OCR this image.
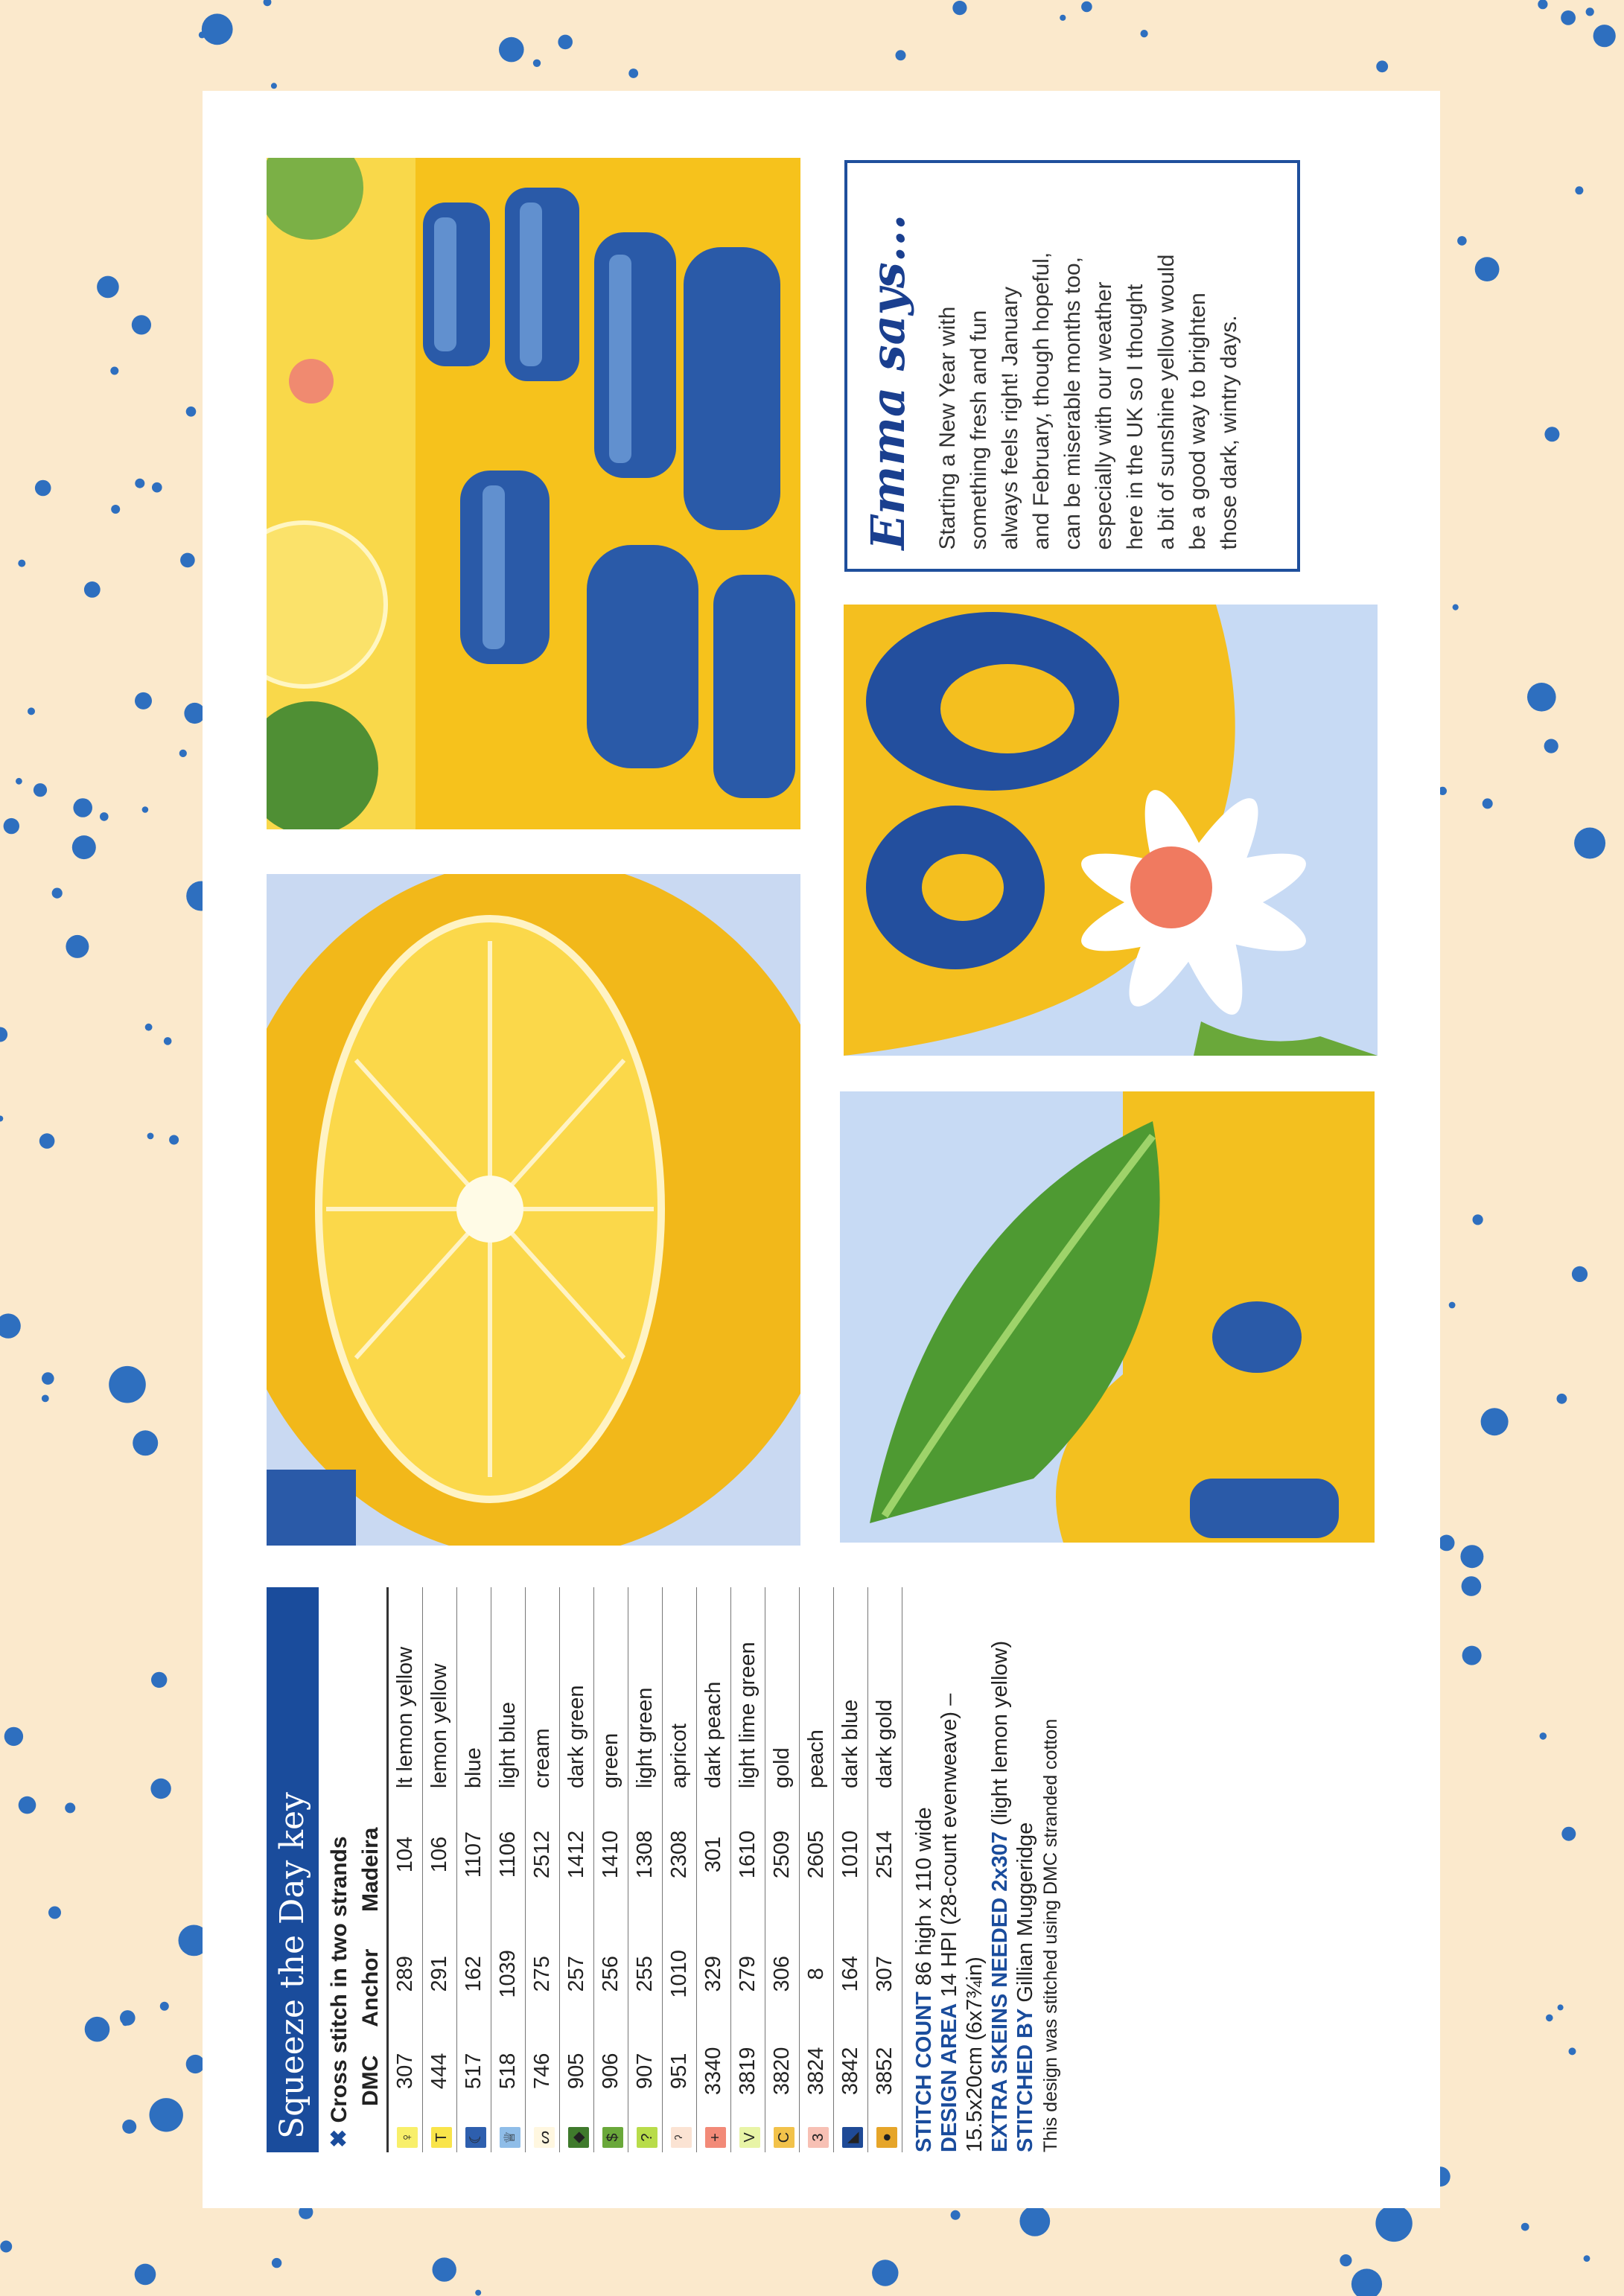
Emma says... Starting a New Year with
something fresh and fun
always feels right! January
and February, though hopeful,
can be miserable months too,
especially with our weather
here in the UK so I thought
a bit of sunshine yellow would
be a good way to brighten
those dark, wintry days.
Squeeze the Day key ✖ Cross stitch in two strands
	DMC	Anchor	Madeira	
♀	307	289	104	lt lemon yellow
T	444	291	106	lemon yellow
☾	517	162	1107	blue
♕	518	1039	1106	light blue
ᔕ	746	275	2512	cream
◆	905	257	1412	dark green
$	906	256	1410	green
?	907	255	1308	light green
ˀ	951	1010	2308	apricot
+	3340	329	301	dark peach
V	3819	279	1610	light lime green
C	3820	306	2509	gold
3	3824	8	2605	peach
◣	3842	164	1010	dark blue
●	3852	307	2514	dark gold
STITCH COUNT 86 high x 110 wide
DESIGN AREA 14 HPI (28-count evenweave) –
15.5x20cm (6x7¾in) EXTRA SKEINS NEEDED 2x307 (light lemon yellow)
STITCHED BY Gillian Muggeridge This design was stitched using DMC stranded cotton
